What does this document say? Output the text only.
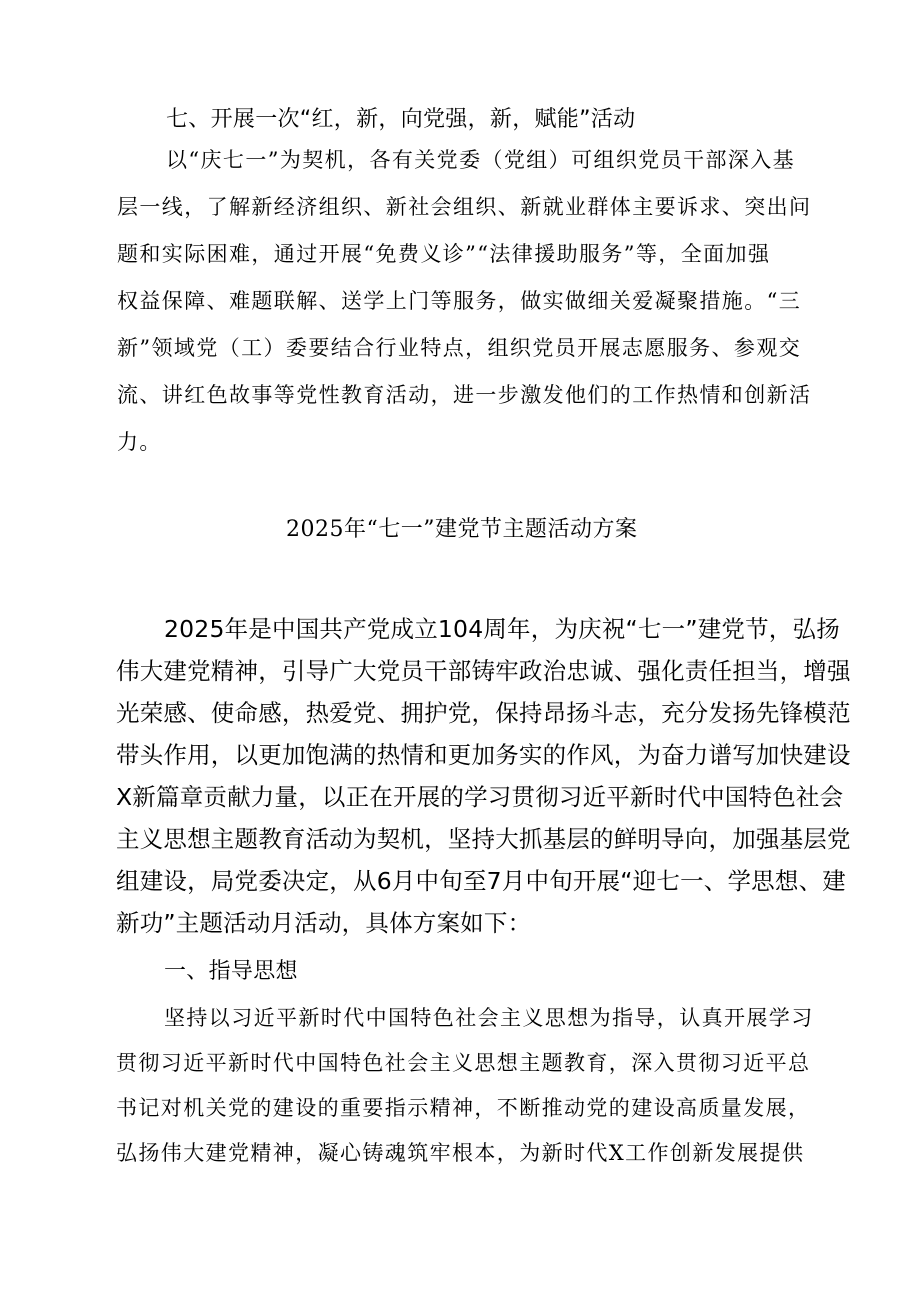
七、开展一次“红，新，向党强，新，赋能”活动

以“庆七一”为契机，各有关党委（党组）可组织党员干部深入基

层一线，了解新经济组织、新社会组织、新就业群体主要诉求、突出问

题和实际困难，通过开展“免费义诊”“法律援助服务”等，全面加强

权益保障、难题联解、送学上门等服务，做实做细关爱凝聚措施。“三

新”领域党（工）委要结合行业特点，组织党员开展志愿服务、参观交

流、讲红色故事等党性教育活动，进一步激发他们的工作热情和创新活

力。

2025年“七一”建党节主题活动方案

2025年是中国共产党成立104周年，为庆祝“七一”建党节，弘扬

伟大建党精神，引导广大党员干部铸牢政治忠诚、强化责任担当，增强

光荣感、使命感，热爱党、拥护党，保持昂扬斗志，充分发扬先锋模范

带头作用，以更加饱满的热情和更加务实的作风，为奋力谱写加快建设

X新篇章贡献力量，以正在开展的学习贯彻习近平新时代中国特色社会

主义思想主题教育活动为契机，坚持大抓基层的鲜明导向，加强基层党

组建设，局党委决定，从6月中旬至7月中旬开展“迎七一、学思想、建

新功”主题活动月活动，具体方案如下：

一、指导思想

坚持以习近平新时代中国特色社会主义思想为指导，认真开展学习

贯彻习近平新时代中国特色社会主义思想主题教育，深入贯彻习近平总

书记对机关党的建设的重要指示精神，不断推动党的建设高质量发展，

弘扬伟大建党精神，凝心铸魂筑牢根本，为新时代X工作创新发展提供
